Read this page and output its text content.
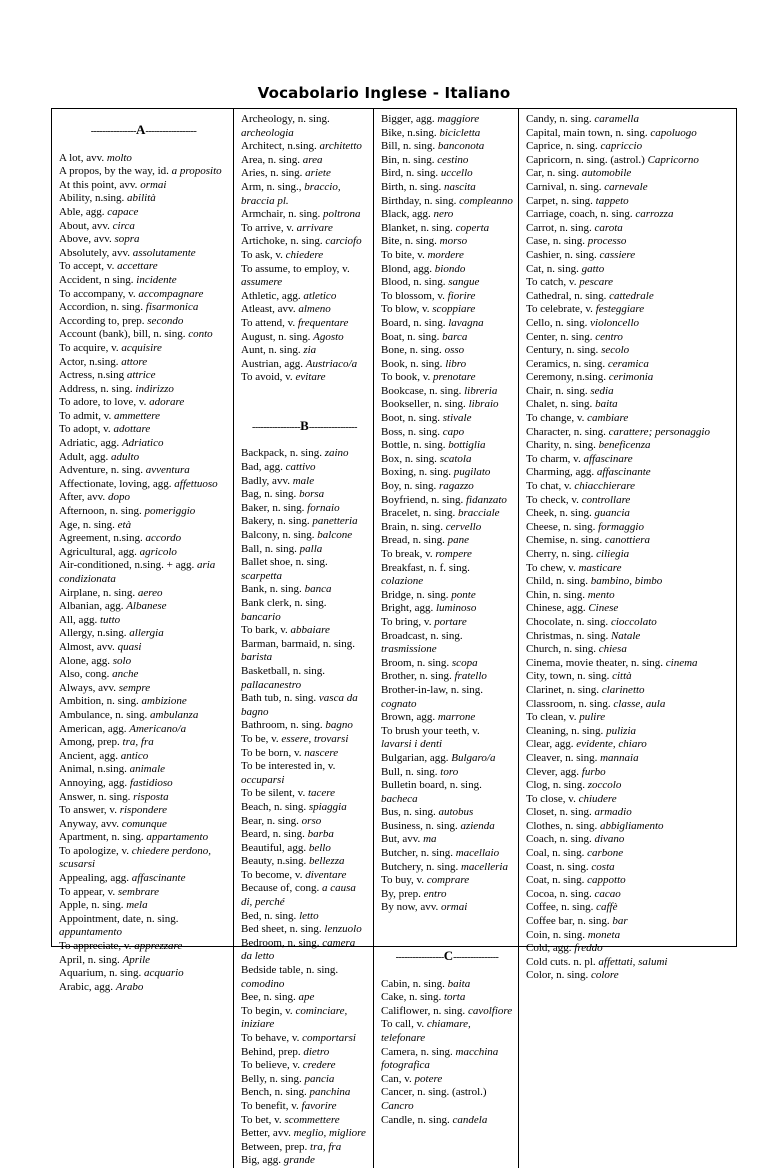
Vocabolario Inglese - Italiano
----------------A------------------

A lot, avv. molto

A propos, by the way, id. a proposito

At this point, avv. ormai

Ability, n.sing. abilità

Able, agg. capace

About, avv. circa

Above, avv. sopra

Absolutely, avv. assolutamente

To accept, v. accettare

Accident, n sing. incidente

To accompany, v. accompagnare

Accordion, n. sing. fisarmonica

According to, prep. secondo

Account (bank), bill, n. sing. conto

To acquire, v. acquisire

Actor, n.sing. attore

Actress, n.sing attrice

Address, n. sing. indirizzo

To adore, to love, v. adorare

To admit, v. ammettere

To adopt, v. adottare

Adriatic, agg. Adriatico

Adult, agg. adulto

Adventure, n. sing. avventura

Affectionate, loving, agg. affettuoso

After, avv. dopo

Afternoon, n. sing. pomeriggio

Age, n. sing. età

Agreement, n.sing. accordo

Agricultural, agg. agricolo

Air-conditioned, n.sing. + agg. aria condizionata

Airplane, n. sing. aereo

Albanian, agg. Albanese

All, agg. tutto

Allergy, n.sing. allergia

Almost, avv. quasi

Alone, agg. solo

Also, cong. anche

Always, avv. sempre

Ambition, n. sing. ambizione

Ambulance, n. sing. ambulanza

American, agg. Americano/a

Among, prep. tra, fra

Ancient, agg. antico

Animal, n.sing. animale

Annoying, agg. fastidioso

Answer, n. sing. risposta

To answer, v. rispondere

Anyway, avv. comunque

Apartment, n. sing. appartamento

To apologize, v. chiedere perdono, scusarsi

Appealing, agg. affascinante

To appear, v. sembrare

Apple, n. sing. mela

Appointment, date, n. sing. appuntamento

To appreciate, v. apprezzare

April, n. sing. Aprile

Aquarium, n. sing. acquario

Arabic, agg. Arabo

Archeology, n. sing. archeologia

Architect, n.sing. architetto

Area, n. sing. area

Aries, n. sing. ariete

Arm, n. sing., braccio, braccia pl.

Armchair, n. sing. poltrona

To arrive, v. arrivare

Artichoke, n. sing. carciofo

To ask, v. chiedere

To assume, to employ, v. assumere

Athletic, agg. atletico

Atleast, avv. almeno

To attend, v. frequentare

August, n. sing. Agosto

Aunt, n. sing. zia

Austrian, agg. Austriaco/a

To avoid, v. evitare

-----------------B-----------------

Backpack, n. sing. zaino

Bad, agg. cattivo

Badly, avv. male

Bag, n. sing. borsa

Baker, n. sing. fornaio

Bakery, n. sing. panetteria

Balcony, n. sing. balcone

Ball, n. sing. palla

Ballet shoe, n. sing. scarpetta

Bank, n. sing. banca

Bank clerk, n. sing. bancario

To bark, v. abbaiare

Barman, barmaid, n. sing. barista

Basketball, n. sing. pallacanestro

Bath tub, n. sing. vasca da bagno

Bathroom, n. sing. bagno

To be, v. essere, trovarsi

To be born, v. nascere

To be interested in, v. occuparsi

To be silent, v. tacere

Beach, n. sing. spiaggia

Bear, n. sing. orso

Beard, n. sing. barba

Beautiful, agg. bello

Beauty, n.sing. bellezza

To become, v. diventare

Because of, cong. a causa di, perché

Bed, n. sing. letto

Bed sheet, n. sing. lenzuolo

Bedroom, n. sing. camera da letto

Bedside table, n. sing. comodino

Bee, n. sing. ape

To begin, v. cominciare, iniziare

To behave, v. comportarsi

Behind, prep. dietro

To believe, v. credere

Belly, n. sing. pancia

Bench, n. sing. panchina

To benefit, v. favorire

To bet, v. scommettere

Better, avv. meglio, migliore

Between, prep. tra, fra

Big, agg. grande

Bigger, agg. maggiore

Bike, n.sing. bicicletta

Bill, n. sing. banconota

Bin, n. sing. cestino

Bird, n. sing. uccello

Birth, n. sing. nascita

Birthday, n. sing. compleanno

Black, agg. nero

Blanket, n. sing. coperta

Bite, n. sing. morso

To bite, v. mordere

Blond, agg. biondo

Blood, n. sing. sangue

To blossom, v. fiorire

To blow, v. scoppiare

Board, n. sing. lavagna

Boat, n. sing. barca

Bone, n. sing. osso

Book, n. sing. libro

To book, v. prenotare

Bookcase, n. sing. libreria

Bookseller, n. sing. libraio

Boot, n. sing. stivale

Boss, n. sing. capo

Bottle, n. sing. bottiglia

Box, n. sing. scatola

Boxing, n. sing. pugilato

Boy, n. sing. ragazzo

Boyfriend, n. sing. fidanzato

Bracelet, n. sing. bracciale

Brain, n. sing. cervello

Bread, n. sing. pane

To break, v. rompere

Breakfast, n. f. sing. colazione

Bridge, n. sing. ponte

Bright, agg. luminoso

To bring, v. portare

Broadcast, n. sing. trasmissione

Broom, n. sing. scopa

Brother, n. sing. fratello

Brother-in-law, n. sing. cognato

Brown, agg. marrone

To brush your teeth, v. lavarsi i denti

Bulgarian, agg. Bulgaro/a

Bull, n. sing. toro

Bulletin board, n. sing. bacheca

Bus, n. sing. autobus

Business, n. sing. azienda

But, avv. ma

Butcher, n. sing. macellaio

Butchery, n. sing. macelleria

To buy, v. comprare

By, prep. entro

By now, avv. ormai

-----------------C----------------

Cabin, n. sing. baita

Cake, n. sing. torta

Califlower, n. sing. cavolfiore

To call, v. chiamare, telefonare

Camera, n. sing. macchina fotografica

Can, v. potere

Cancer, n. sing. (astrol.) Cancro

Candle, n. sing. candela

Candy, n. sing. caramella

Capital, main town, n. sing. capoluogo

Caprice, n. sing. capriccio

Capricorn, n. sing. (astrol.) Capricorno

Car, n. sing. automobile

Carnival, n. sing. carnevale

Carpet, n. sing. tappeto

Carriage, coach, n. sing. carrozza

Carrot, n. sing. carota

Case, n. sing. processo

Cashier, n. sing. cassiere

Cat, n. sing. gatto

To catch, v. pescare

Cathedral, n. sing. cattedrale

To celebrate, v. festeggiare

Cello, n. sing. violoncello

Center, n. sing. centro

Century, n. sing. secolo

Ceramics, n. sing. ceramica

Ceremony, n.sing. cerimonia

Chair, n. sing. sedia

Chalet, n. sing. baita

To change, v. cambiare

Character, n. sing. carattere; personaggio

Charity, n. sing. beneficenza

To charm, v. affascinare

Charming, agg. affascinante

To chat, v. chiacchierare

To check, v. controllare

Cheek, n. sing. guancia

Cheese, n. sing. formaggio

Chemise, n. sing. canottiera

Cherry, n. sing. ciliegia

To chew, v. masticare

Child, n. sing. bambino, bimbo

Chin, n. sing. mento

Chinese, agg. Cinese

Chocolate, n. sing. cioccolato

Christmas, n. sing. Natale

Church, n. sing. chiesa

Cinema, movie theater, n. sing. cinema

City, town, n. sing. città

Clarinet, n. sing. clarinetto

Classroom, n. sing. classe, aula

To clean, v. pulire

Cleaning, n. sing. pulizia

Clear, agg. evidente, chiaro

Cleaver, n. sing. mannaia

Clever, agg. furbo

Clog, n. sing. zoccolo

To close, v. chiudere

Closet, n. sing. armadio

Clothes, n. sing. abbigliamento

Coach, n. sing. divano

Coal, n. sing. carbone

Coast, n. sing. costa

Coat, n. sing. cappotto

Cocoa, n. sing. cacao

Coffee, n. sing. caffè

Coffee bar, n. sing. bar

Coin, n. sing. moneta

Cold, agg. freddo

Cold cuts. n. pl. affettati, salumi

Color, n. sing. colore
